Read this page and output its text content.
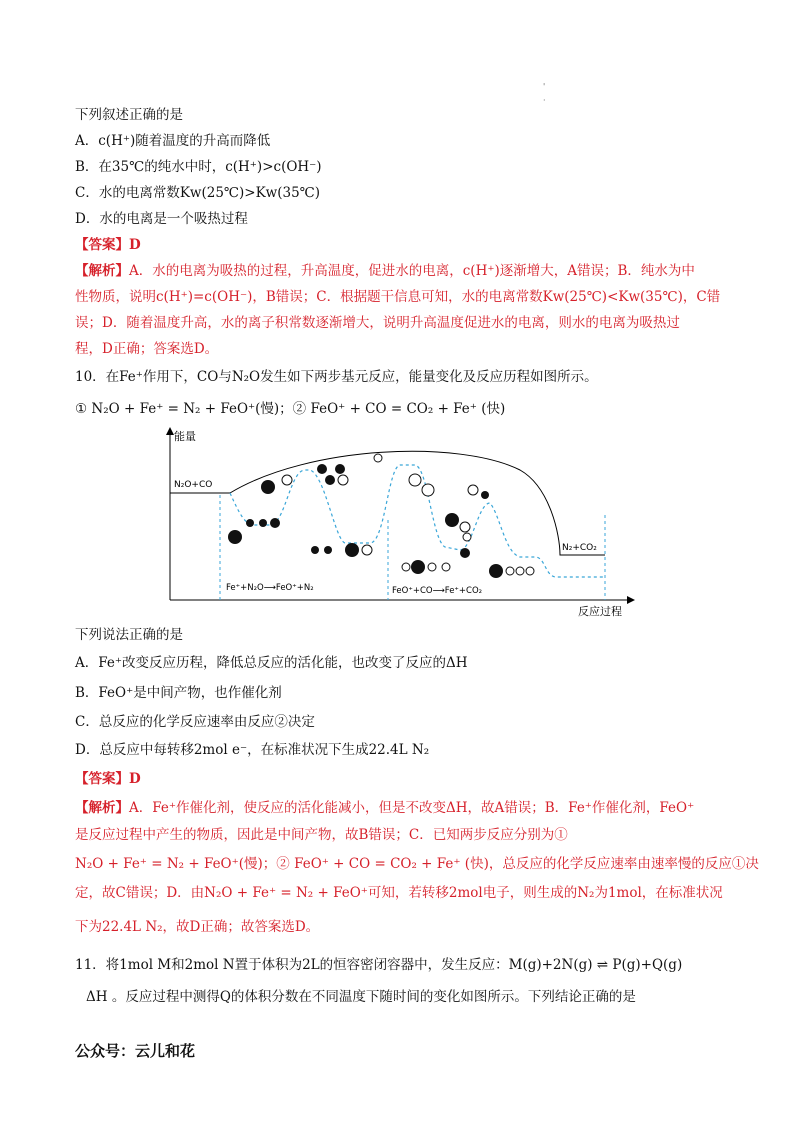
'
·
下列叙述正确的是
A．c(H⁺)随着温度的升高而降低
B．在35℃的纯水中时，c(H⁺)>c(OH⁻)
C．水的电离常数Kw(25℃)>Kw(35℃)
D．水的电离是一个吸热过程
【答案】D
【解析】A．水的电离为吸热的过程，升高温度，促进水的电离，c(H⁺)逐渐增大，A错误；B．纯水为中
性物质，说明c(H⁺)=c(OH⁻)，B错误；C．根据题干信息可知，水的电离常数Kw(25℃)<Kw(35℃)，C错
误；D．随着温度升高，水的离子积常数逐渐增大，说明升高温度促进水的电离，则水的电离为吸热过
程，D正确；答案选D。
10．在Fe⁺作用下，CO与N₂O发生如下两步基元反应，能量变化及反应历程如图所示。
① N₂O + Fe⁺ = N₂ + FeO⁺(慢)；② FeO⁺ + CO = CO₂ + Fe⁺ (快)
能量
N₂O+CO
N₂+CO₂
Fe⁺+N₂O⟶FeO⁺+N₂	FeO⁺+CO⟶Fe⁺+CO₂
反应过程
下列说法正确的是
A．Fe⁺改变反应历程，降低总反应的活化能，也改变了反应的ΔH
B．FeO⁺是中间产物，也作催化剂
C．总反应的化学反应速率由反应②决定
D．总反应中每转移2mol e⁻，在标准状况下生成22.4L N₂
【答案】D
【解析】A．Fe⁺作催化剂，使反应的活化能减小，但是不改变ΔH，故A错误；B．Fe⁺作催化剂，FeO⁺
是反应过程中产生的物质，因此是中间产物，故B错误；C．已知两步反应分别为①
N₂O + Fe⁺ = N₂ + FeO⁺(慢)；② FeO⁺ + CO = CO₂ + Fe⁺ (快)，总反应的化学反应速率由速率慢的反应①决
定，故C错误；D．由N₂O + Fe⁺ = N₂ + FeO⁺可知，若转移2mol电子，则生成的N₂为1mol，在标准状况
下为22.4L N₂，故D正确；故答案选D。
11．将1mol M和2mol N置于体积为2L的恒容密闭容器中，发生反应：M(g)+2N(g) ⇌ P(g)+Q(g)
ΔH 。反应过程中测得Q的体积分数在不同温度下随时间的变化如图所示。下列结论正确的是
公众号：云儿和花
